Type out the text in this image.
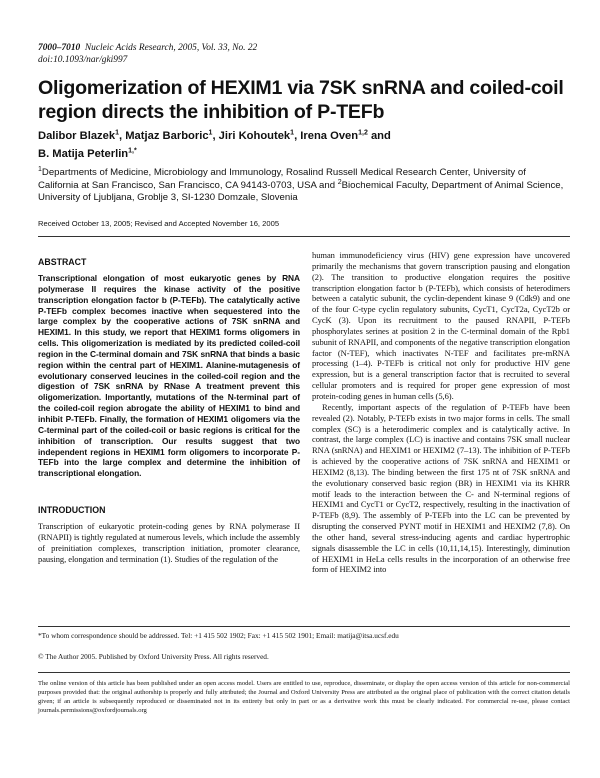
7000–7010 Nucleic Acids Research, 2005, Vol. 33, No. 22
doi:10.1093/nar/gki997
Oligomerization of HEXIM1 via 7SK snRNA and coiled-coil region directs the inhibition of P-TEFb
Dalibor Blazek$^1$, Matjaz Barboric$^1$, Jiri Kohoutek$^1$, Irena Oven$^{1,2}$ and
B. Matija Peterlin$^{1,*}$
$^1$Departments of Medicine, Microbiology and Immunology, Rosalind Russell Medical Research Center, University of California at San Francisco, San Francisco, CA 94143-0703, USA and $^2$Biochemical Faculty, Department of Animal Science, University of Ljubljana, Groblje 3, SI-1230 Domzale, Slovenia
Received October 13, 2005; Revised and Accepted November 16, 2005
ABSTRACT

Transcriptional elongation of most eukaryotic genes by RNA polymerase II requires the kinase activity of the positive transcription elongation factor b (P-TEFb). The catalytically active P-TEFb complex becomes inactive when sequestered into the large complex by the cooperative actions of 7SK snRNA and HEXIM1. In this study, we report that HEXIM1 forms oligomers in cells. This oligomerization is mediated by its predicted coiled-coil region in the C-terminal domain and 7SK snRNA that binds a basic region within the central part of HEXIM1. Alanine-mutagenesis of evolutionary conserved leucines in the coiled-coil region and the digestion of 7SK snRNA by RNase A treatment prevent this oligomerization. Importantly, mutations of the N-terminal part of the coiled-coil region abrogate the ability of HEXIM1 to bind and inhibit P-TEFb. Finally, the formation of HEXIM1 oligomers via the C-terminal part of the coiled-coil or basic regions is critical for the inhibition of transcription. Our results suggest that two independent regions in HEXIM1 form oligomers to incorporate P-TEFb into the large complex and determine the inhibition of transcriptional elongation.

INTRODUCTION

Transcription of eukaryotic protein-coding genes by RNA polymerase II (RNAPII) is tightly regulated at numerous levels, which include the assembly of preinitiation complexes, transcription initiation, promoter clearance, pausing, elongation and termination (1). Studies of the regulation of the

human immunodeficiency virus (HIV) gene expression have uncovered primarily the mechanisms that govern transcription pausing and elongation (2). The transition to productive elongation requires the positive transcription elongation factor b (P-TEFb), which consists of heterodimers between a catalytic subunit, the cyclin-dependent kinase 9 (Cdk9) and one of the four C-type cyclin regulatory subunits, CycT1, CycT2a, CycT2b or CycK (3). Upon its recruitment to the paused RNAPII, P-TEFb phosphorylates serines at position 2 in the C-terminal domain of the Rpb1 subunit of RNAPII, and components of the negative transcription elongation factor (N-TEF), which inactivates N-TEF and facilitates pre-mRNA processing (1–4). P-TEFb is critical not only for productive HIV gene expression, but is a general transcription factor that is recruited to several cellular promoters and is required for proper gene expression of most protein-coding genes in human cells (5,6).

Recently, important aspects of the regulation of P-TEFb have been revealed (2). Notably, P-TEFb exists in two major forms in cells. The small complex (SC) is a heterodimeric complex and is catalytically active. In contrast, the large complex (LC) is inactive and contains 7SK small nuclear RNA (snRNA) and HEXIM1 or HEXIM2 (7–13). The inhibition of P-TEFb is achieved by the cooperative actions of 7SK snRNA and HEXIM1 or HEXIM2 (8,13). The binding between the first 175 nt of 7SK snRNA and the evolutionary conserved basic region (BR) in HEXIM1 via its KHRR motif leads to the interaction between the C- and N-terminal regions of HEXIM1 and CycT1 or CycT2, respectively, resulting in the inactivation of P-TEFb (8,9). The assembly of P-TEFb into the LC can be prevented by disrupting the conserved PYNT motif in HEXIM1 and HEXIM2 (7,8). On the other hand, several stress-inducing agents and cardiac hypertrophic signals disassemble the LC in cells (10,11,14,15). Interestingly, diminution of HEXIM1 in HeLa cells results in the incorporation of an otherwise free form of HEXIM2 into

*To whom correspondence should be addressed. Tel: +1 415 502 1902; Fax: +1 415 502 1901; Email: matija@itsa.ucsf.edu
© The Author 2005. Published by Oxford University Press. All rights reserved.
The online version of this article has been published under an open access model. Users are entitled to use, reproduce, disseminate, or display the open access version of this article for non-commercial purposes provided that: the original authorship is properly and fully attributed; the Journal and Oxford University Press are attributed as the original place of publication with the correct citation details given; if an article is subsequently reproduced or disseminated not in its entirety but only in part or as a derivative work this must be clearly indicated. For commercial re-use, please contact journals.permissions@oxfordjournals.org
